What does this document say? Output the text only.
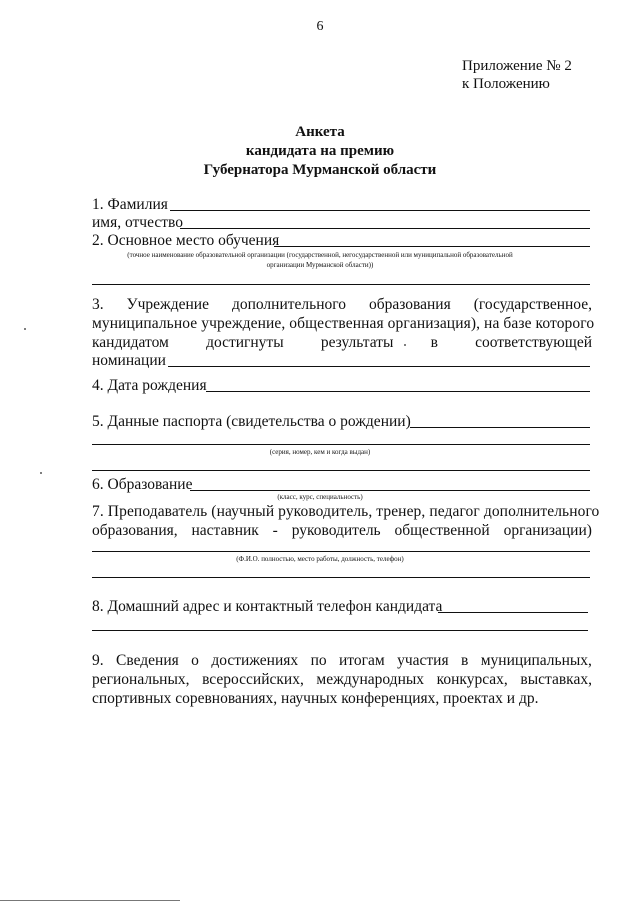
6
Приложение № 2
к Положению
Анкета
кандидата на премию
Губернатора Мурманской области
1. Фамилия
имя, отчество
2. Основное место обучения
(точное наименование образовательной организации (государственной, негосударственной или муниципальной образовательной
организации Мурманской области))
3. Учреждение дополнительного образования (государственное,
муниципальное учреждение, общественная организация), на базе которого
кандидатом достигнуты результаты в соответствующей
номинации
4. Дата рождения
5. Данные паспорта (свидетельства о рождении)
(серия, номер, кем и когда выдан)
6. Образование
(класс, курс, специальность)
7. Преподаватель (научный руководитель, тренер, педагог дополнительного
образования, наставник - руководитель общественной организации)
(Ф.И.О. полностью, место работы, должность, телефон)
8. Домашний адрес и контактный телефон кандидата
9. Сведения о достижениях по итогам участия в муниципальных,
региональных, всероссийских, международных конкурсах, выставках,
спортивных соревнованиях, научных конференциях, проектах и др.
